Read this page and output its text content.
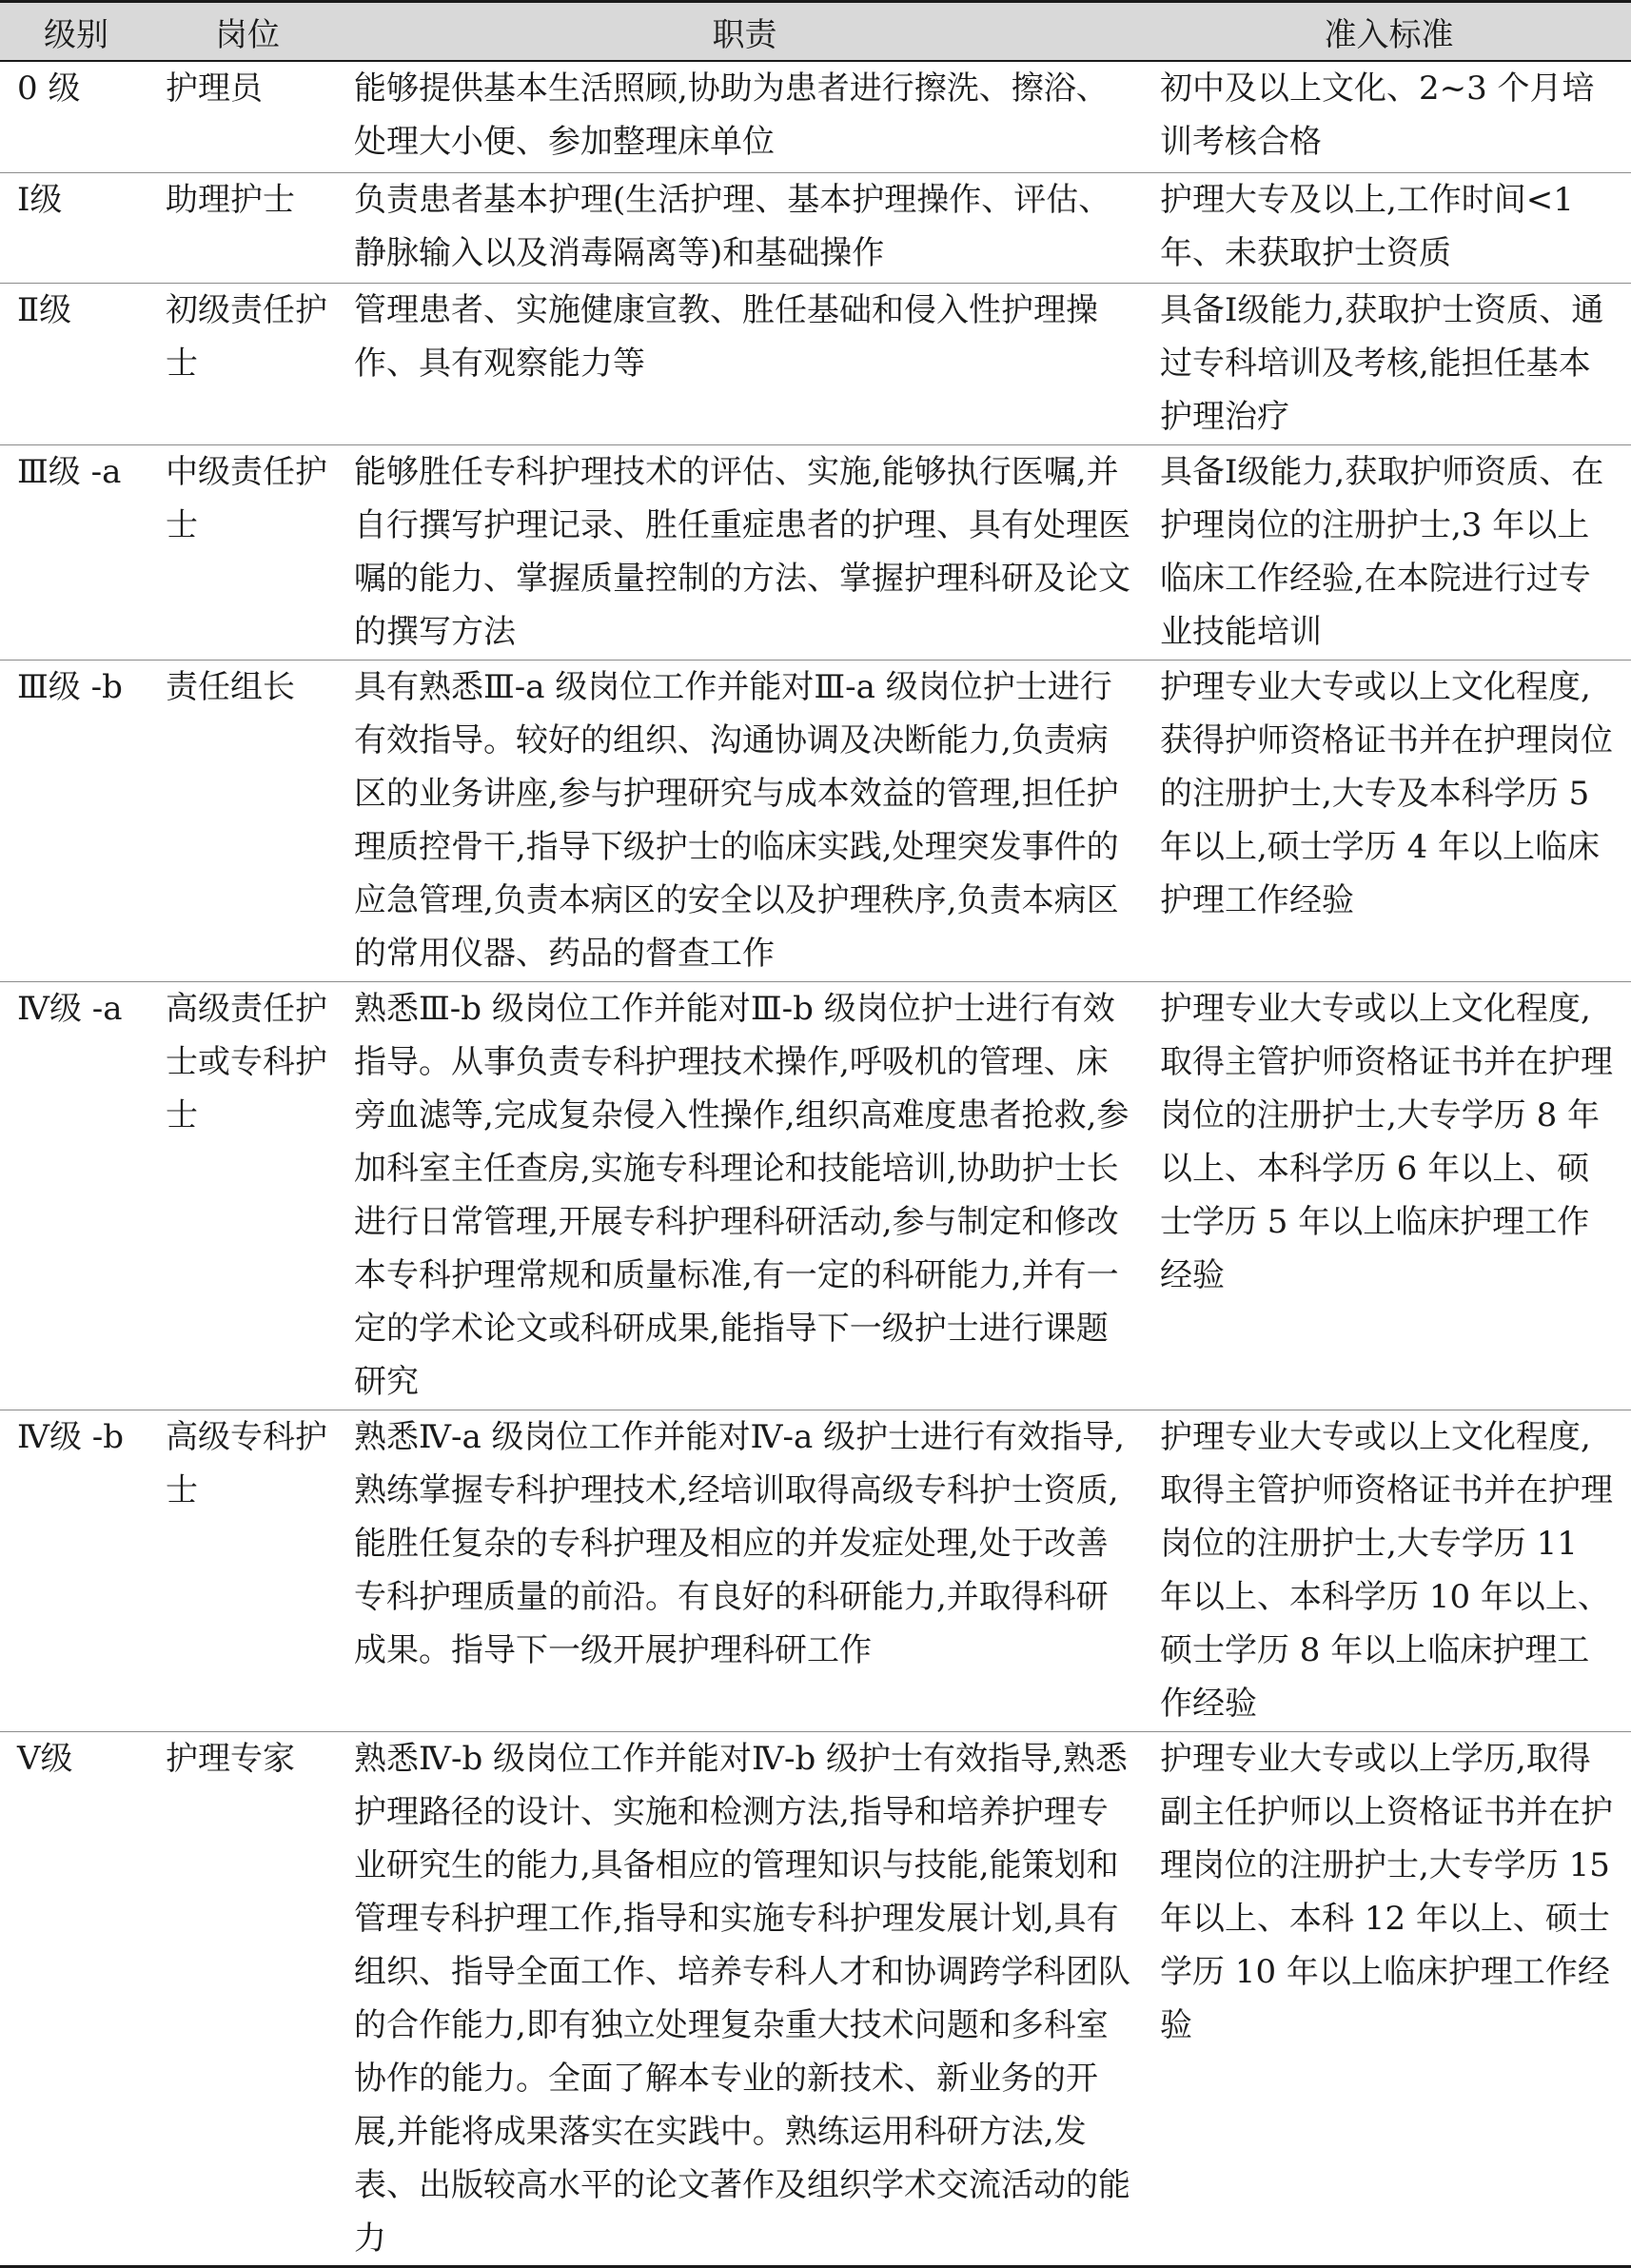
级别	岗位	职责	准入标准
0 级	护理员	能够提供基本生活照顾,协助为患者进行擦洗、擦浴、处理大小便、参加整理床单位	初中及以上文化、2~3 个月培训考核合格
Ⅰ级	助理护士	负责患者基本护理(生活护理、基本护理操作、评估、静脉输入以及消毒隔离等)和基础操作	护理大专及以上,工作时间<1 年、未获取护士资质
Ⅱ级	初级责任护士	管理患者、实施健康宣教、胜任基础和侵入性护理操作、具有观察能力等	具备Ⅰ级能力,获取护士资质、通过专科培训及考核,能担任基本护理治疗
Ⅲ级 -a	中级责任护士	能够胜任专科护理技术的评估、实施,能够执行医嘱,并自行撰写护理记录、胜任重症患者的护理、具有处理医嘱的能力、掌握质量控制的方法、掌握护理科研及论文的撰写方法	具备Ⅰ级能力,获取护师资质、在护理岗位的注册护士,3 年以上临床工作经验,在本院进行过专业技能培训
Ⅲ级 -b	责任组长	具有熟悉Ⅲ-a 级岗位工作并能对Ⅲ-a 级岗位护士进行有效指导。较好的组织、沟通协调及决断能力,负责病区的业务讲座,参与护理研究与成本效益的管理,担任护理质控骨干,指导下级护士的临床实践,处理突发事件的应急管理,负责本病区的安全以及护理秩序,负责本病区的常用仪器、药品的督查工作	护理专业大专或以上文化程度,获得护师资格证书并在护理岗位的注册护士,大专及本科学历 5 年以上,硕士学历 4 年以上临床护理工作经验
Ⅳ级 -a	高级责任护士或专科护士	熟悉Ⅲ-b 级岗位工作并能对Ⅲ-b 级岗位护士进行有效指导。从事负责专科护理技术操作,呼吸机的管理、床旁血滤等,完成复杂侵入性操作,组织高难度患者抢救,参加科室主任查房,实施专科理论和技能培训,协助护士长进行日常管理,开展专科护理科研活动,参与制定和修改本专科护理常规和质量标准,有一定的科研能力,并有一定的学术论文或科研成果,能指导下一级护士进行课题研究	护理专业大专或以上文化程度,取得主管护师资格证书并在护理岗位的注册护士,大专学历 8 年以上、本科学历 6 年以上、硕士学历 5 年以上临床护理工作经验
Ⅳ级 -b	高级专科护士	熟悉Ⅳ-a 级岗位工作并能对Ⅳ-a 级护士进行有效指导,熟练掌握专科护理技术,经培训取得高级专科护士资质,能胜任复杂的专科护理及相应的并发症处理,处于改善专科护理质量的前沿。有良好的科研能力,并取得科研成果。指导下一级开展护理科研工作	护理专业大专或以上文化程度,取得主管护师资格证书并在护理岗位的注册护士,大专学历 11 年以上、本科学历 10 年以上、硕士学历 8 年以上临床护理工作经验
Ⅴ级	护理专家	熟悉Ⅳ-b 级岗位工作并能对Ⅳ-b 级护士有效指导,熟悉护理路径的设计、实施和检测方法,指导和培养护理专业研究生的能力,具备相应的管理知识与技能,能策划和管理专科护理工作,指导和实施专科护理发展计划,具有组织、指导全面工作、培养专科人才和协调跨学科团队的合作能力,即有独立处理复杂重大技术问题和多科室协作的能力。全面了解本专业的新技术、新业务的开展,并能将成果落实在实践中。熟练运用科研方法,发表、出版较高水平的论文著作及组织学术交流活动的能力	护理专业大专或以上学历,取得副主任护师以上资格证书并在护理岗位的注册护士,大专学历 15 年以上、本科 12 年以上、硕士学历 10 年以上临床护理工作经验
